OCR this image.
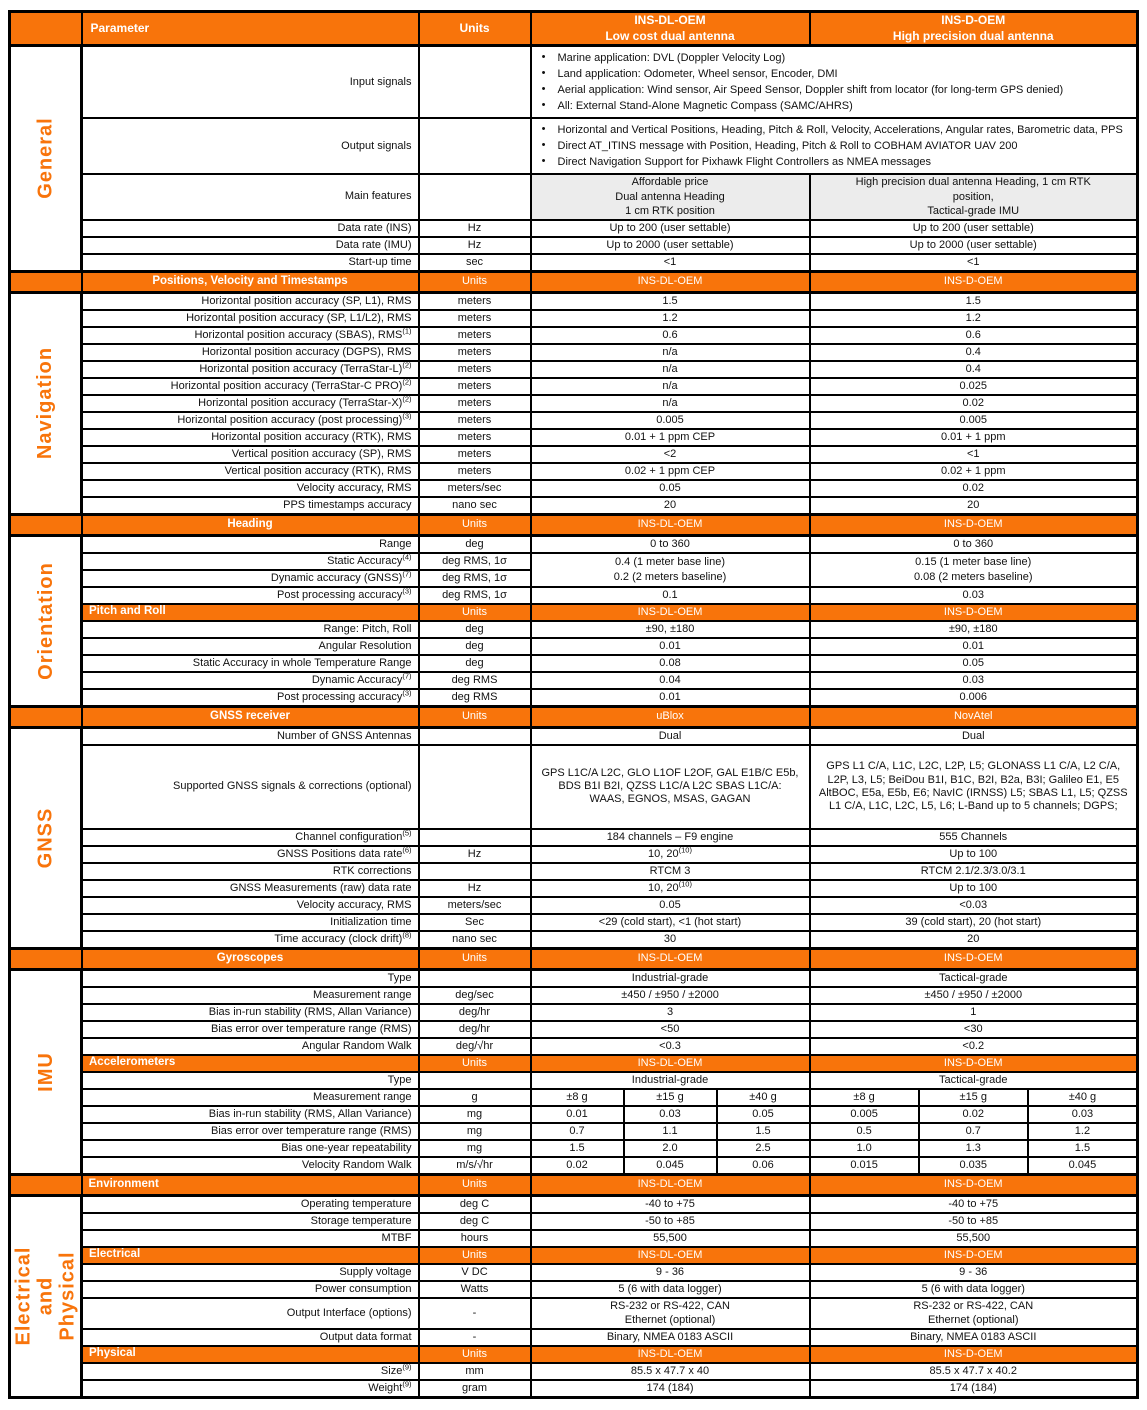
	Parameter	Units	
INS-DL-OEM
Low cost dual antenna

INS-D-OEM
High precision dual antenna

General
	Input signals		
•	Marine application: DVL (Doppler Velocity Log)
•	Land application: Odometer, Wheel sensor, Encoder, DMI
•	Aerial application: Wind sensor, Air Speed Sensor, Doppler shift from locator (for long-term GPS denied)
•	All: External Stand-Alone Magnetic Compass (SAMC/AHRS)

Output signals		
•	Horizontal and Vertical Positions, Heading, Pitch & Roll, Velocity, Accelerations, Angular rates, Barometric data, PPS
•	Direct AT_ITINS message with Position, Heading, Pitch & Roll to COBHAM AVIATOR UAV 200
•	Direct Navigation Support for Pixhawk Flight Controllers as NMEA messages

Main features		
Affordable price
Dual antenna Heading
1 cm RTK position

High precision dual antenna Heading, 1 cm RTK
position,
Tactical-grade IMU

	Data rate (INS)	Hz	Up to 200 (user settable)	Up to 200 (user settable)
	Data rate (IMU)	Hz	Up to 2000 (user settable)	Up to 2000 (user settable)
	Start-up time	sec	<1	<1
	Positions, Velocity and Timestamps	Units	INS-DL-OEM	INS-D-OEM

Navigation	Horizontal position accuracy (SP, L1), RMS	meters	1.5	1.5
	Horizontal position accuracy (SP, L1/L2), RMS	meters	1.2	1.2
	Horizontal position accuracy (SBAS), RMS$^{(1)}$	meters	0.6	0.6
	Horizontal position accuracy (DGPS), RMS	meters	n/a	0.4
	Horizontal position accuracy (TerraStar-L)$^{(2)}$	meters	n/a	0.4
	Horizontal position accuracy (TerraStar-C PRO)$^{(2)}$	meters	n/a	0.025
	Horizontal position accuracy (TerraStar-X)$^{(2)}$	meters	n/a	0.02
	Horizontal position accuracy (post processing)$^{(3)}$	meters	0.005	0.005
	Horizontal position accuracy (RTK), RMS	meters	0.01 + 1 ppm CEP	0.01 + 1 ppm
	Vertical position accuracy (SP), RMS	meters	<2	<1
	Vertical position accuracy (RTK), RMS	meters	0.02 + 1 ppm CEP	0.02 + 1 ppm
	Velocity accuracy, RMS	meters/sec	0.05	0.02
	PPS timestamps accuracy	nano sec	20	20
	Heading	Units	INS-DL-OEM	INS-D-OEM

Orientation	Range	deg	0 to 360	0 to 360
Static Accuracy$^{(4)}$	deg RMS, 1σ	0.4 (1 meter base line)
0.2 (2 meters baseline)

0.15 (1 meter base line)
0.08 (2 meters baseline)

	Dynamic accuracy (GNSS)$^{(7)}$	deg RMS, 1σ		
	Post processing accuracy$^{(3)}$	deg RMS, 1σ	0.1	0.03
	Pitch and Roll	Units	INS-DL-OEM	INS-D-OEM
	Range: Pitch, Roll	deg	±90, ±180	±90, ±180
	Angular Resolution	deg	0.01	0.01
	Static Accuracy in whole Temperature Range	deg	0.08	0.05
	Dynamic Accuracy$^{(7)}$	deg RMS	0.04	0.03
	Post processing accuracy$^{(3)}$	deg RMS	0.01	0.006
	GNSS receiver	Units	uBlox	NovAtel

GNSS	Number of GNSS Antennas		Dual	Dual
	Supported GNSS signals & corrections (optional)		GPS L1C/A L2C, GLO L1OF L2OF, GAL E1B/C E5b, BDS B1I B2I, QZSS L1C/A L2C SBAS L1C/A: WAAS, EGNOS, MSAS, GAGAN	GPS L1 C/A, L1C, L2C, L2P, L5; GLONASS L1 C/A, L2 C/A, L2P, L3, L5; BeiDou B1I, B1C, B2I, B2a, B3I; Galileo E1, E5 AltBOC, E5a, E5b, E6; NavIC (IRNSS) L5; SBAS L1, L5; QZSS L1 C/A, L1C, L2C, L5, L6; L-Band up to 5 channels; DGPS;
	Channel configuration$^{(5)}$		184 channels – F9 engine	555 Channels
	GNSS Positions data rate$^{(6)}$	Hz	10, 20$^{(10)}$	Up to 100
	RTK corrections		RTCM 3	RTCM 2.1/2.3/3.0/3.1
	GNSS Measurements (raw) data rate	Hz	10, 20$^{(10)}$	Up to 100
	Velocity accuracy, RMS	meters/sec	0.05	<0.03
	Initialization time	Sec	<29 (cold start), <1 (hot start)	39 (cold start), 20 (hot start)
	Time accuracy (clock drift)$^{(8)}$	nano sec	30	20
	Gyroscopes	Units	INS-DL-OEM	INS-D-OEM

IMU	Type		Industrial-grade	Tactical-grade
	Measurement range	deg/sec	±450 / ±950 / ±2000	±450 / ±950 / ±2000
	Bias in-run stability (RMS, Allan Variance)	deg/hr	3	1
	Bias error over temperature range (RMS)	deg/hr	<50	<30
	Angular Random Walk	deg/√hr	<0.3	<0.2
	Accelerometers	Units	INS-DL-OEM	INS-D-OEM
	Type		Industrial-grade	Tactical-grade
Measurement range	g	±8 g	±15 g	±40 g	±8 g	±15 g	±40 g

Bias in-run stability (RMS, Allan Variance)	mg	0.01	0.03	0.05	0.005	0.02	0.03

Bias error over temperature range (RMS)	mg	0.7	1.1	1.5	0.5	0.7	1.2

Bias one-year repeatability	mg	1.5	2.0	2.5	1.0	1.3	1.5

Velocity Random Walk	m/s/√hr	0.02	0.045	0.06	0.015	0.035	0.045

	Environment	Units	INS-DL-OEM	INS-D-OEM

Electrical and
Physical	Operating temperature	deg C	-40 to +75	-40 to +75
	Storage temperature	deg C	-50 to +85	-50 to +85
	MTBF	hours	55,500	55,500
	Electrical	Units	INS-DL-OEM	INS-D-OEM
	Supply voltage	V DC	9 - 36	9 - 36
	Power consumption	Watts	5 (6 with data logger)	5 (6 with data logger)
Output Interface (options)	-	
RS-232 or RS-422, CAN
Ethernet (optional)

RS-232 or RS-422, CAN
Ethernet (optional)

	Output data format	-	Binary, NMEA 0183 ASCII	Binary, NMEA 0183 ASCII
	Physical	Units	INS-DL-OEM	INS-D-OEM
	Size$^{(9)}$	mm	85.5 x 47.7 x 40	85.5 x 47.7 x 40.2
	Weight$^{(9)}$	gram	174 (184)	174 (184)
